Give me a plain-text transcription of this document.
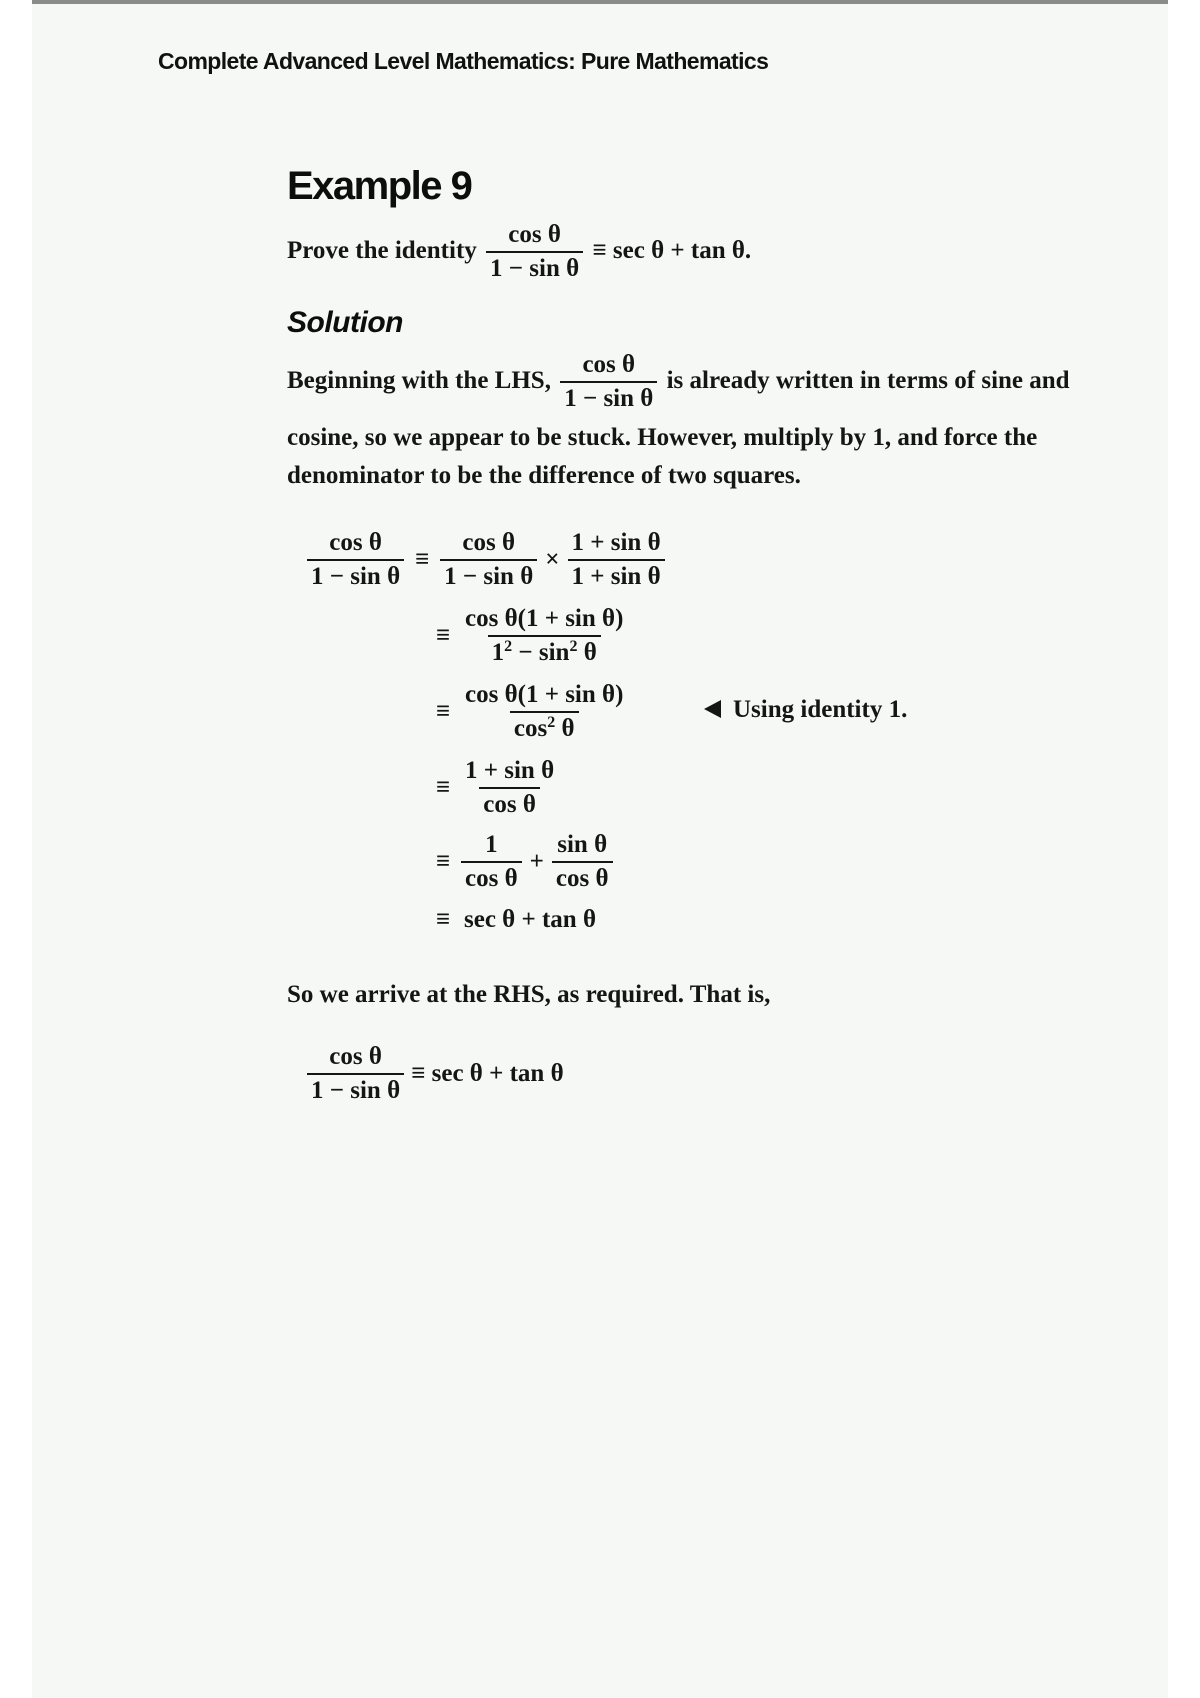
Complete Advanced Level Mathematics: Pure Mathematics
Example 9
Prove the identity $\frac{\text{cos θ}}{\text{1 − sin θ}} \equiv \sec \theta + \tan \theta$.
Solution
Beginning with the LHS, $\frac{\text{cos θ}}{\text{1 − sin θ}}$ is already written in terms of sine and
cosine, so we appear to be stuck. However, multiply by 1, and force the
denominator to be the difference of two squares.
$\frac{\text{cos θ}}{\text{1 − sin θ}} \equiv \frac{\text{cos θ}}{\text{1 − sin θ}} \times \frac{\text{1 + sin θ}}{\text{1 + sin θ}}$
≡ $\frac{\text{cos θ(1 + sin θ)}}{1^2 - \sin^2 \theta}$
≡ $\frac{\text{cos θ(1 + sin θ)}}{\cos^2 \theta}$	Using identity 1.
≡ $\frac{\text{1 + sin θ}}{\text{cos θ}}$
≡ $\frac{1}{\text{cos θ}} + \frac{\text{sin θ}}{\text{cos θ}}$
≡ sec θ + tan θ
So we arrive at the RHS, as required. That is,
$\frac{\text{cos θ}}{\text{1 − sin θ}} \equiv \sec \theta + \tan \theta$
